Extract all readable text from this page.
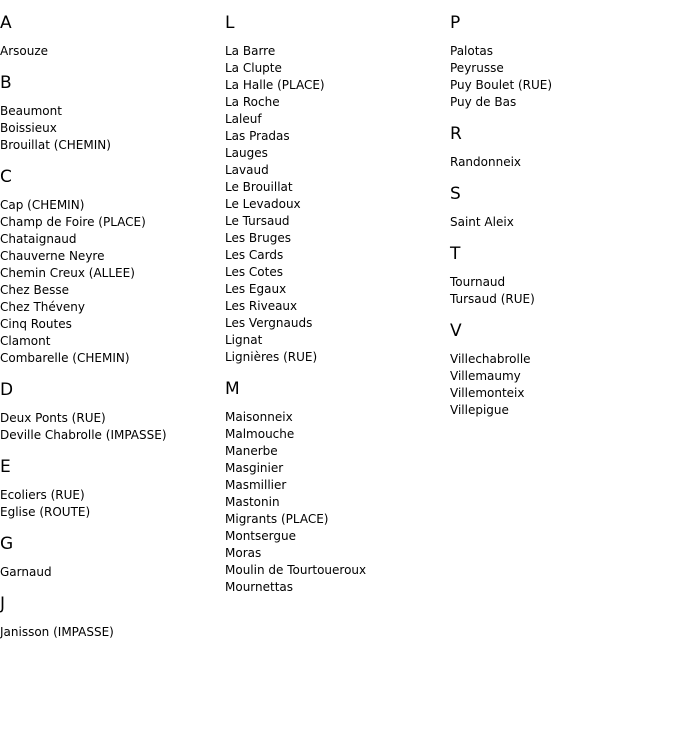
A
Arsouze
B
Beaumont
Boissieux
Brouillat (CHEMIN)
C
Cap (CHEMIN)
Champ de Foire (PLACE)
Chataignaud
Chauverne Neyre
Chemin Creux (ALLEE)
Chez Besse
Chez Théveny
Cinq Routes
Clamont
Combarelle (CHEMIN)
D
Deux Ponts (RUE)
Deville Chabrolle (IMPASSE)
E
Ecoliers (RUE)
Eglise (ROUTE)
G
Garnaud
J
Janisson (IMPASSE)
L
La Barre
La Clupte
La Halle (PLACE)
La Roche
Laleuf
Las Pradas
Lauges
Lavaud
Le Brouillat
Le Levadoux
Le Tursaud
Les Bruges
Les Cards
Les Cotes
Les Egaux
Les Riveaux
Les Vergnauds
Lignat
Lignières (RUE)
M
Maisonneix
Malmouche
Manerbe
Masginier
Masmillier
Mastonin
Migrants (PLACE)
Montsergue
Moras
Moulin de Tourtoueroux
Mournettas
P
Palotas
Peyrusse
Puy Boulet (RUE)
Puy de Bas
R
Randonneix
S
Saint Aleix
T
Tournaud
Tursaud (RUE)
V
Villechabrolle
Villemaumy
Villemonteix
Villepigue
